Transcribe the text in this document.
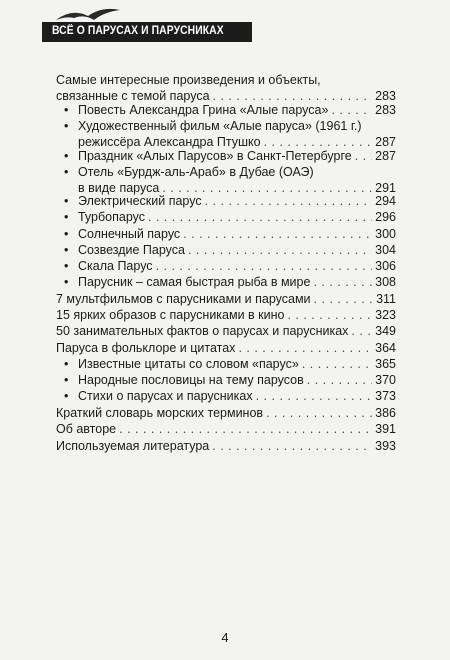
ВСЁ О ПАРУСАХ И ПАРУСНИКАХ
Самые интересные произведения и объекты,
связанные с темой паруса . . .	283
• Повесть Александра Грина «Алые паруса» . . .	283
• Художественный фильм «Алые паруса» (1961 г.)
режиссёра Александра Птушко . . .	287
• Праздник «Алых Парусов» в Санкт-Петербурге . . . 287
• Отель «Бурдж-аль-Араб» в Дубае (ОАЭ)
в виде паруса . . .	291
• Электрический парус . . .	294
• Турбопарус . . .	296
• Солнечный парус . . .	300
• Созвездие Паруса . . .	304
• Скала Парус . . .	306
• Парусник – самая быстрая рыба в мире . . .	308
7 мультфильмов с парусниками и парусами . . .	311
15 ярких образов с парусниками в кино . . .	323
50 занимательных фактов о парусах и парусниках . . . 349
Паруса в фольклоре и цитатах . . .	364
• Известные цитаты со словом «парус» . . .	365
• Народные пословицы на тему парусов . . .	370
• Стихи о парусах и парусниках . . .	373
Краткий словарь морских терминов . . .	386
Об авторе . . .	391
Используемая литература . . .	393
4
